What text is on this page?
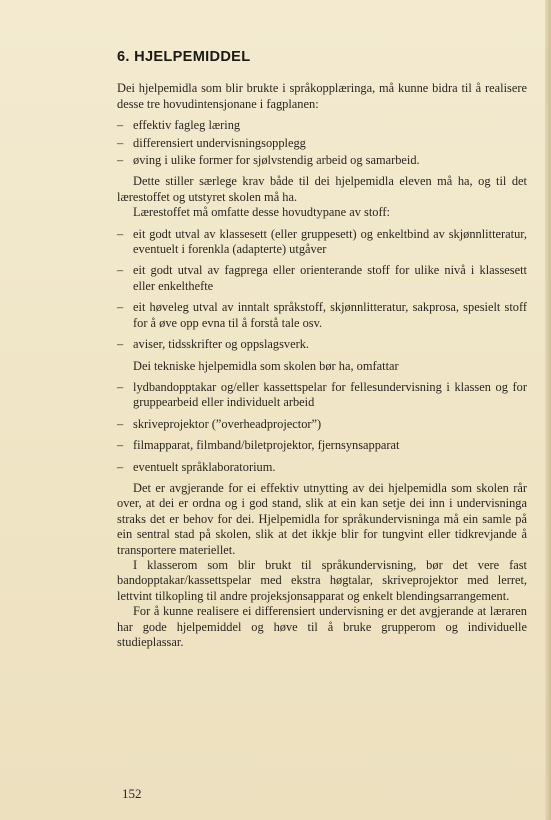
6. HJELPEMIDDEL

Dei hjelpemidla som blir brukte i språkopplæringa, må kunne bidra til å realisere desse tre hovudintensjonane i fagplanen:

– effektiv fagleg læring
– differensiert undervisningsopplegg
– øving i ulike former for sjølvstendig arbeid og samarbeid.

Dette stiller særlege krav både til dei hjelpemidla eleven må ha, og til det lærestoffet og utstyret skolen må ha.

Lærestoffet må omfatte desse hovudtypane av stoff:

– eit godt utval av klassesett (eller gruppesett) og enkeltbind av skjønnlitteratur, eventuelt i forenkla (adapterte) utgåver
– eit godt utval av fagprega eller orienterande stoff for ulike nivå i klassesett eller enkelthefte
– eit høveleg utval av inntalt språkstoff, skjønnlitteratur, sakprosa, spesielt stoff for å øve opp evna til å forstå tale osv.
– aviser, tidsskrifter og oppslagsverk.

Dei tekniske hjelpemidla som skolen bør ha, omfattar

– lydbandopptakar og/eller kassettspelar for fellesundervisning i klassen og for gruppearbeid eller individuelt arbeid
– skriveprojektor (”overheadprojector”)
– filmapparat, filmband/biletprojektor, fjernsynsapparat
– eventuelt språklaboratorium.

Det er avgjerande for ei effektiv utnytting av dei hjelpemidla som skolen rår over, at dei er ordna og i god stand, slik at ein kan setje dei inn i undervisninga straks det er behov for dei. Hjelpemidla for språkundervisninga må ein samle på ein sentral stad på skolen, slik at det ikkje blir for tungvint eller tidkrevjande å transportere materiellet.

I klasserom som blir brukt til språkundervisning, bør det vere fast bandopptakar/kassettspelar med ekstra høgtalar, skriveprojektor med lerret, lettvint tilkopling til andre projeksjonsapparat og enkelt blendingsarrangement.

For å kunne realisere ei differensiert undervisning er det avgjerande at læraren har gode hjelpemiddel og høve til å bruke grupperom og individuelle studieplassar.

152
